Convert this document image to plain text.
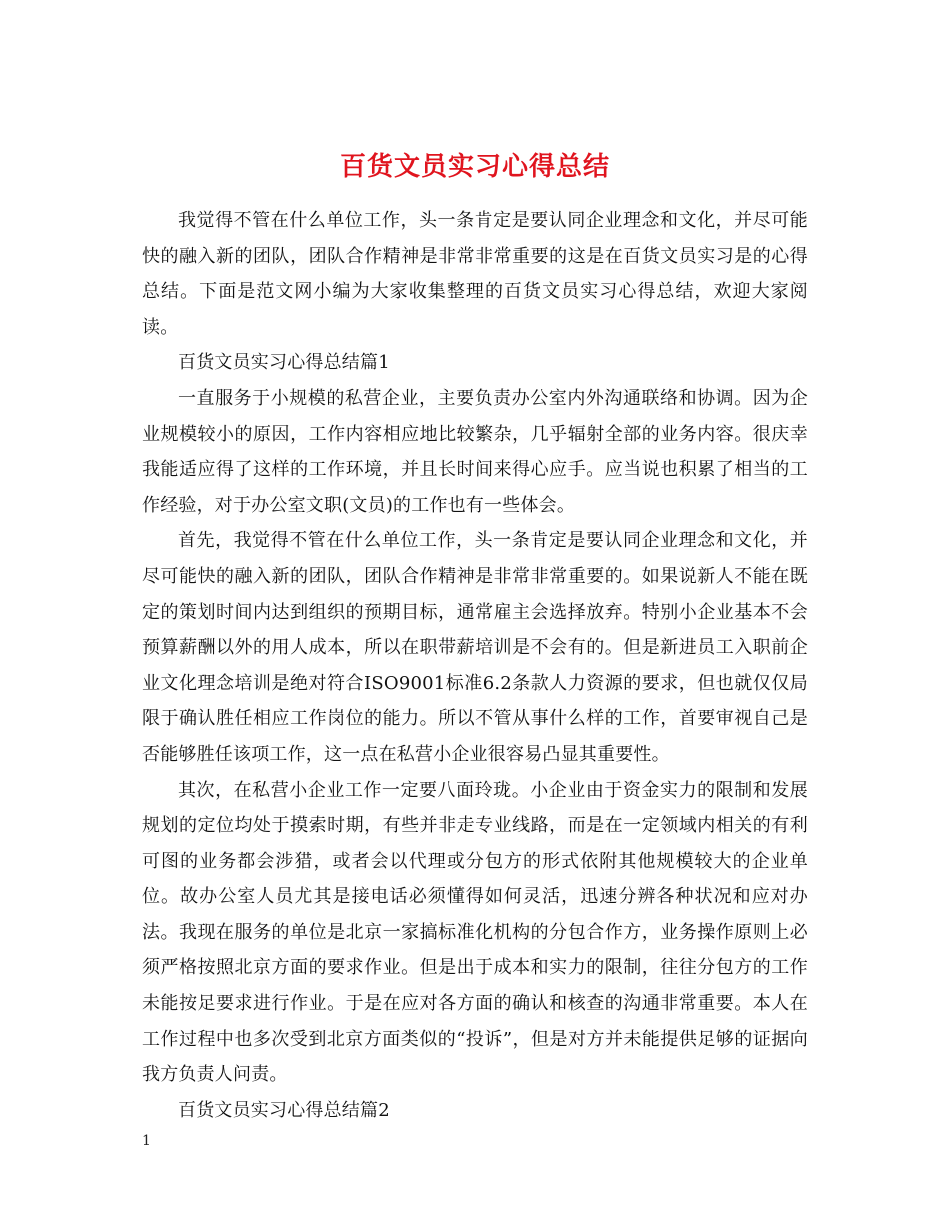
百货文员实习心得总结

我觉得不管在什么单位工作，头一条肯定是要认同企业理念和文化，并尽可能快的融入新的团队，团队合作精神是非常非常重要的这是在百货文员实习是的心得总结。下面是范文网小编为大家收集整理的百货文员实习心得总结，欢迎大家阅读。

百货文员实习心得总结篇1

一直服务于小规模的私营企业，主要负责办公室内外沟通联络和协调。因为企业规模较小的原因，工作内容相应地比较繁杂，几乎辐射全部的业务内容。很庆幸我能适应得了这样的工作环境，并且长时间来得心应手。应当说也积累了相当的工作经验，对于办公室文职(文员)的工作也有一些体会。

首先，我觉得不管在什么单位工作，头一条肯定是要认同企业理念和文化，并尽可能快的融入新的团队，团队合作精神是非常非常重要的。如果说新人不能在既定的策划时间内达到组织的预期目标，通常雇主会选择放弃。特别小企业基本不会预算薪酬以外的用人成本，所以在职带薪培训是不会有的。但是新进员工入职前企业文化理念培训是绝对符合ISO9001标准6.2条款人力资源的要求，但也就仅仅局限于确认胜任相应工作岗位的能力。所以不管从事什么样的工作，首要审视自己是否能够胜任该项工作，这一点在私营小企业很容易凸显其重要性。

其次，在私营小企业工作一定要八面玲珑。小企业由于资金实力的限制和发展规划的定位均处于摸索时期，有些并非走专业线路，而是在一定领域内相关的有利可图的业务都会涉猎，或者会以代理或分包方的形式依附其他规模较大的企业单位。故办公室人员尤其是接电话必须懂得如何灵活，迅速分辨各种状况和应对办法。我现在服务的单位是北京一家搞标准化机构的分包合作方，业务操作原则上必须严格按照北京方面的要求作业。但是出于成本和实力的限制，往往分包方的工作未能按足要求进行作业。于是在应对各方面的确认和核查的沟通非常重要。本人在工作过程中也多次受到北京方面类似的“投诉”，但是对方并未能提供足够的证据向我方负责人问责。

百货文员实习心得总结篇2

1
